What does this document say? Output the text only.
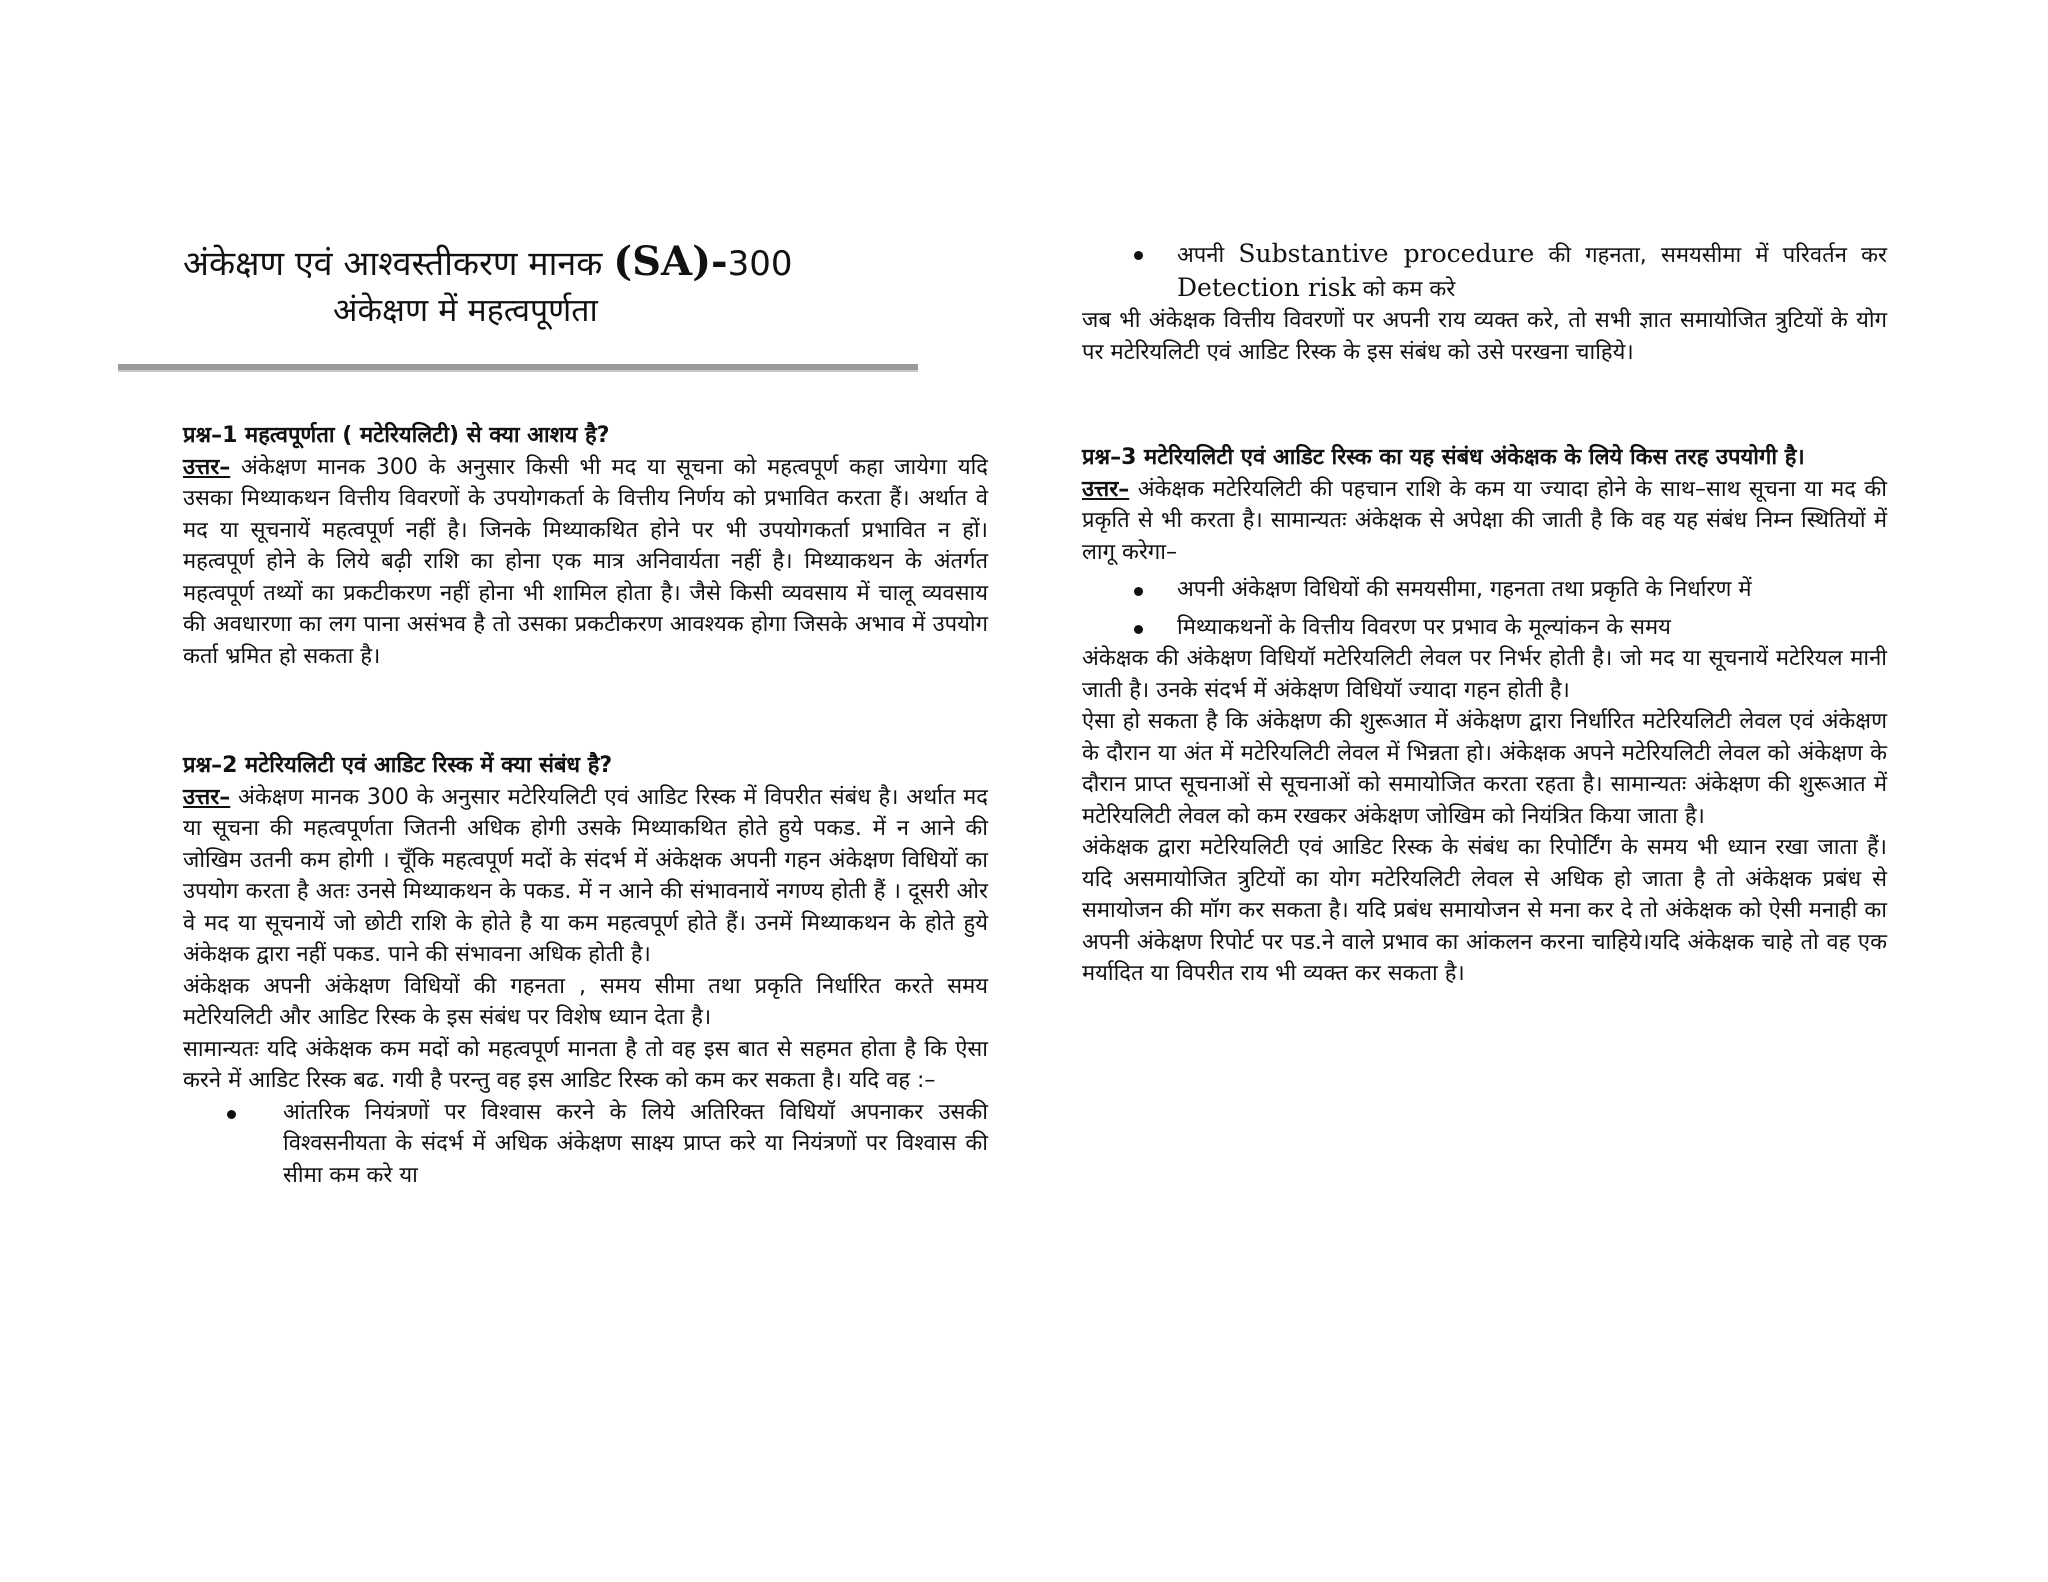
अंकेक्षण एवं आश्वस्तीकरण मानक (SA)-300
अंकेक्षण में महत्वपूर्णता
प्रश्न–1 महत्वपूर्णता ( मटेरियलिटी) से क्या आशय है?
उत्तर– अंकेक्षण मानक 300 के अनुसार किसी भी मद या सूचना को महत्वपूर्ण कहा जायेगा यदि उसका मिथ्याकथन वित्तीय विवरणों के उपयोगकर्ता के वित्तीय निर्णय को प्रभावित करता हैं। अर्थात वे मद या सूचनायें महत्वपूर्ण नहीं है। जिनके मिथ्याकथित होने पर भी उपयोगकर्ता प्रभावित न हों। महत्वपूर्ण होने के लिये बढ़ी राशि का होना एक मात्र अनिवार्यता नहीं है। मिथ्याकथन के अंतर्गत महत्वपूर्ण तथ्यों का प्रकटीकरण नहीं होना भी शामिल होता है। जैसे किसी व्यवसाय में चालू व्यवसाय की अवधारणा का लग पाना असंभव है तो उसका प्रकटीकरण आवश्यक होगा जिसके अभाव में उपयोग कर्ता भ्रमित हो सकता है।
प्रश्न–2 मटेरियलिटी एवं आडिट रिस्क में क्या संबंध है?
उत्तर– अंकेक्षण मानक 300 के अनुसार मटेरियलिटी एवं आडिट रिस्क में विपरीत संबंध है। अर्थात मद या सूचना की महत्वपूर्णता जितनी अधिक होगी उसके मिथ्याकथित होते हुये पकड. में न आने की जोखिम उतनी कम होगी । चूँकि महत्वपूर्ण मदों के संदर्भ में अंकेक्षक अपनी गहन अंकेक्षण विधियों का उपयोग करता है अतः उनसे मिथ्याकथन के पकड. में न आने की संभावनायें नगण्य होती हैं । दूसरी ओर वे मद या सूचनायें जो छोटी राशि के होते है या कम महत्वपूर्ण होते हैं। उनमें मिथ्याकथन के होते हुये अंकेक्षक द्वारा नहीं पकड. पाने की संभावना अधिक होती है।
अंकेक्षक अपनी अंकेक्षण विधियों की गहनता , समय सीमा तथा प्रकृति निर्धारित करते समय मटेरियलिटी और आडिट रिस्क के इस संबंध पर विशेष ध्यान देता है।
सामान्यतः यदि अंकेक्षक कम मदों को महत्वपूर्ण मानता है तो वह इस बात से सहमत होता है कि ऐसा करने में आडिट रिस्क बढ. गयी है परन्तु वह इस आडिट रिस्क को कम कर सकता है। यदि वह :–
आंतरिक नियंत्रणों पर विश्वास करने के लिये अतिरिक्त विधियॉ अपनाकर उसकी विश्वसनीयता के संदर्भ में अधिक अंकेक्षण साक्ष्य प्राप्त करे या नियंत्रणों पर विश्वास की सीमा कम करे या
अपनी Substantive procedure की गहनता, समयसीमा में परिवर्तन कर Detection risk को कम करे
जब भी अंकेक्षक वित्तीय विवरणों पर अपनी राय व्यक्त करे, तो सभी ज्ञात समायोजित त्रुटियों के योग पर मटेरियलिटी एवं आडिट रिस्क के इस संबंध को उसे परखना चाहिये।
प्रश्न–3 मटेरियलिटी एवं आडिट रिस्क का यह संबंध अंकेक्षक के लिये किस तरह उपयोगी है।
उत्तर– अंकेक्षक मटेरियलिटी की पहचान राशि के कम या ज्यादा होने के साथ–साथ सूचना या मद की प्रकृति से भी करता है। सामान्यतः अंकेक्षक से अपेक्षा की जाती है कि वह यह संबंध निम्न स्थितियों में लागू करेगा–
अपनी अंकेक्षण विधियों की समयसीमा, गहनता तथा प्रकृति के निर्धारण में
मिथ्याकथनों के वित्तीय विवरण पर प्रभाव के मूल्यांकन के समय
अंकेक्षक की अंकेक्षण विधियॉ मटेरियलिटी लेवल पर निर्भर होती है। जो मद या सूचनायें मटेरियल मानी जाती है। उनके संदर्भ में अंकेक्षण विधियॉ ज्यादा गहन होती है।
ऐसा हो सकता है कि अंकेक्षण की शुरूआत में अंकेक्षण द्वारा निर्धारित मटेरियलिटी लेवल एवं अंकेक्षण के दौरान या अंत में मटेरियलिटी लेवल में भिन्नता हो। अंकेक्षक अपने मटेरियलिटी लेवल को अंकेक्षण के दौरान प्राप्त सूचनाओं से सूचनाओं को समायोजित करता रहता है। सामान्यतः अंकेक्षण की शुरूआत में मटेरियलिटी लेवल को कम रखकर अंकेक्षण जोखिम को नियंत्रित किया जाता है।
अंकेक्षक द्वारा मटेरियलिटी एवं आडिट रिस्क के संबंध का रिपोर्टिंग के समय भी ध्यान रखा जाता हैं। यदि असमायोजित त्रुटियों का योग मटेरियलिटी लेवल से अधिक हो जाता है तो अंकेक्षक प्रबंध से समायोजन की मॉग कर सकता है। यदि प्रबंध समायोजन से मना कर दे तो अंकेक्षक को ऐसी मनाही का अपनी अंकेक्षण रिपोर्ट पर पड.ने वाले प्रभाव का आंकलन करना चाहिये।यदि अंकेक्षक चाहे तो वह एक मर्यादित या विपरीत राय भी व्यक्त कर सकता है।
